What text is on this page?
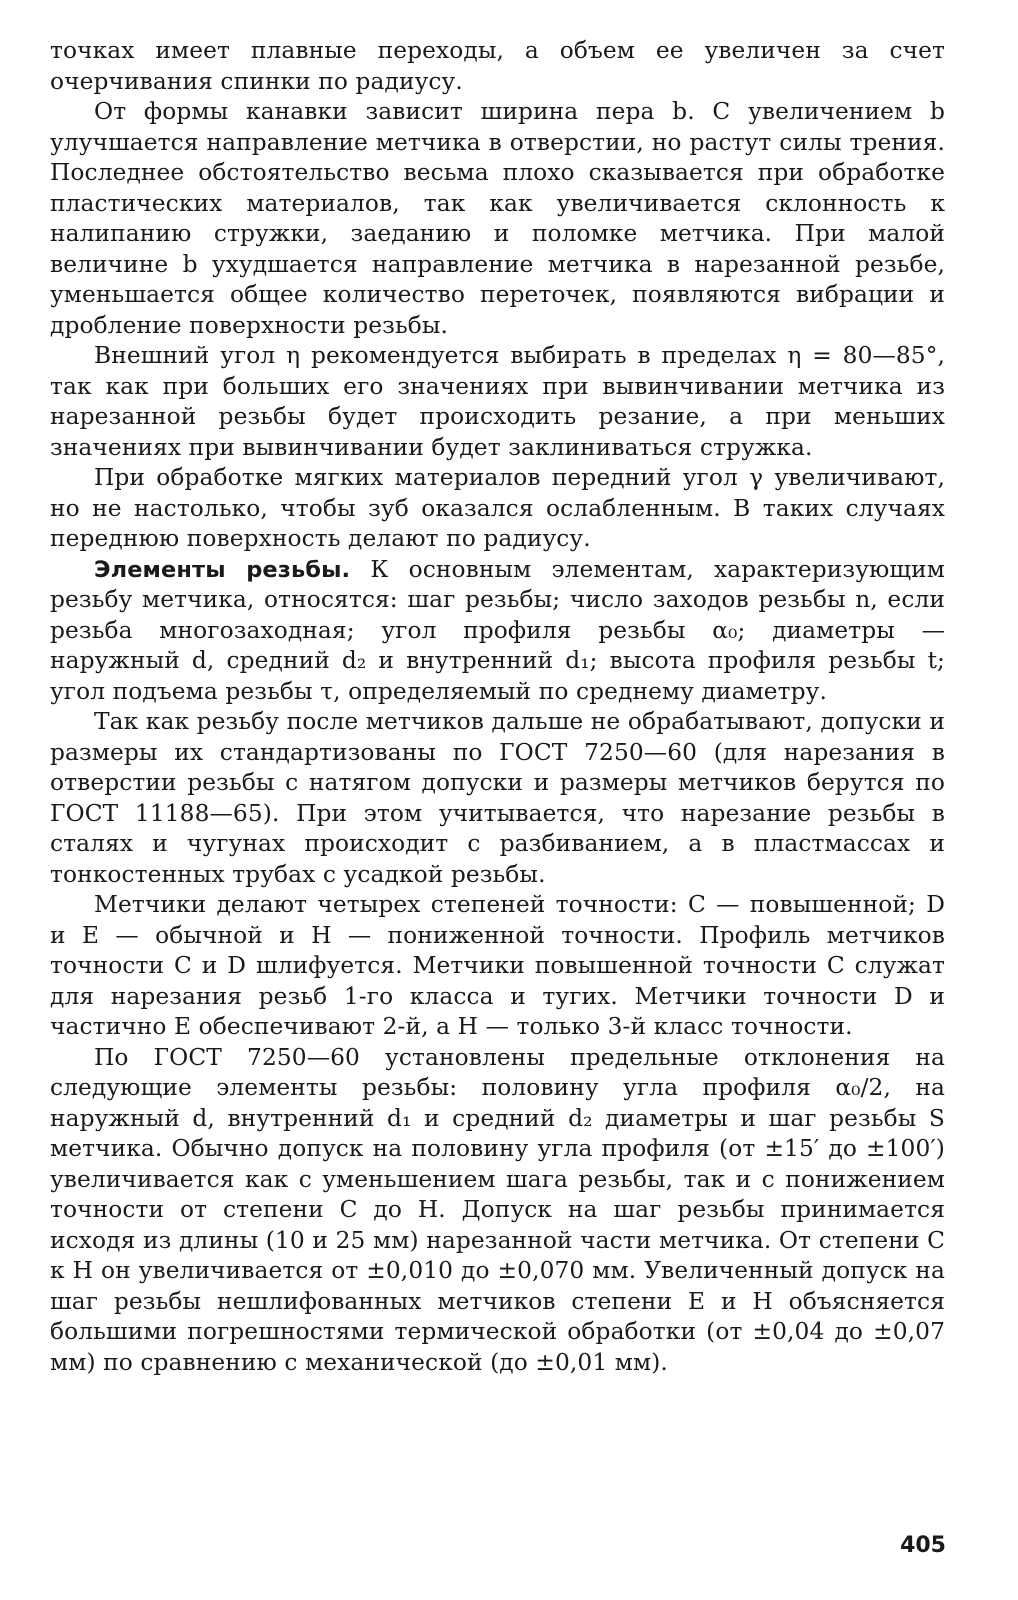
точках имеет плавные переходы, а объем ее увеличен за счет очерчивания спинки по радиусу.

От формы канавки зависит ширина пера b. С увеличением b улучшается направление метчика в отверстии, но растут силы трения. Последнее обстоятельство весьма плохо сказывается при обработке пластических материалов, так как увеличивается склонность к налипанию стружки, заеданию и поломке метчика. При малой величине b ухудшается направление метчика в нарезанной резьбе, уменьшается общее количество переточек, появляются вибрации и дробление поверхности резьбы.

Внешний угол η рекомендуется выбирать в пределах η = 80—85°, так как при больших его значениях при вывинчивании метчика из нарезанной резьбы будет происходить резание, а при меньших значениях при вывинчивании будет заклиниваться стружка.

При обработке мягких материалов передний угол γ увеличивают, но не настолько, чтобы зуб оказался ослабленным. В таких случаях переднюю поверхность делают по радиусу.

Элементы резьбы. К основным элементам, характеризующим резьбу метчика, относятся: шаг резьбы; число заходов резьбы n, если резьба многозаходная; угол профиля резьбы α₀; диаметры — наружный d, средний d₂ и внутренний d₁; высота профиля резьбы t; угол подъема резьбы τ, определяемый по среднему диаметру.

Так как резьбу после метчиков дальше не обрабатывают, допуски и размеры их стандартизованы по ГОСТ 7250—60 (для нарезания в отверстии резьбы с натягом допуски и размеры метчиков берутся по ГОСТ 11188—65). При этом учитывается, что нарезание резьбы в сталях и чугунах происходит с разбиванием, а в пластмассах и тонкостенных трубах с усадкой резьбы.

Метчики делают четырех степеней точности: C — повышенной; D и E — обычной и H — пониженной точности. Профиль метчиков точности C и D шлифуется. Метчики повышенной точности C служат для нарезания резьб 1-го класса и тугих. Метчики точности D и частично E обеспечивают 2-й, а H — только 3-й класс точности.

По ГОСТ 7250—60 установлены предельные отклонения на следующие элементы резьбы: половину угла профиля α₀/2, на наружный d, внутренний d₁ и средний d₂ диаметры и шаг резьбы S метчика. Обычно допуск на половину угла профиля (от ±15′ до ±100′) увеличивается как с уменьшением шага резьбы, так и с понижением точности от степени C до H. Допуск на шаг резьбы принимается исходя из длины (10 и 25 мм) нарезанной части метчика. От степени C к H он увеличивается от ±0,010 до ±0,070 мм. Увеличенный допуск на шаг резьбы нешлифованных метчиков степени E и H объясняется большими погрешностями термической обработки (от ±0,04 до ±0,07 мм) по сравнению с механической (до ±0,01 мм).

405
